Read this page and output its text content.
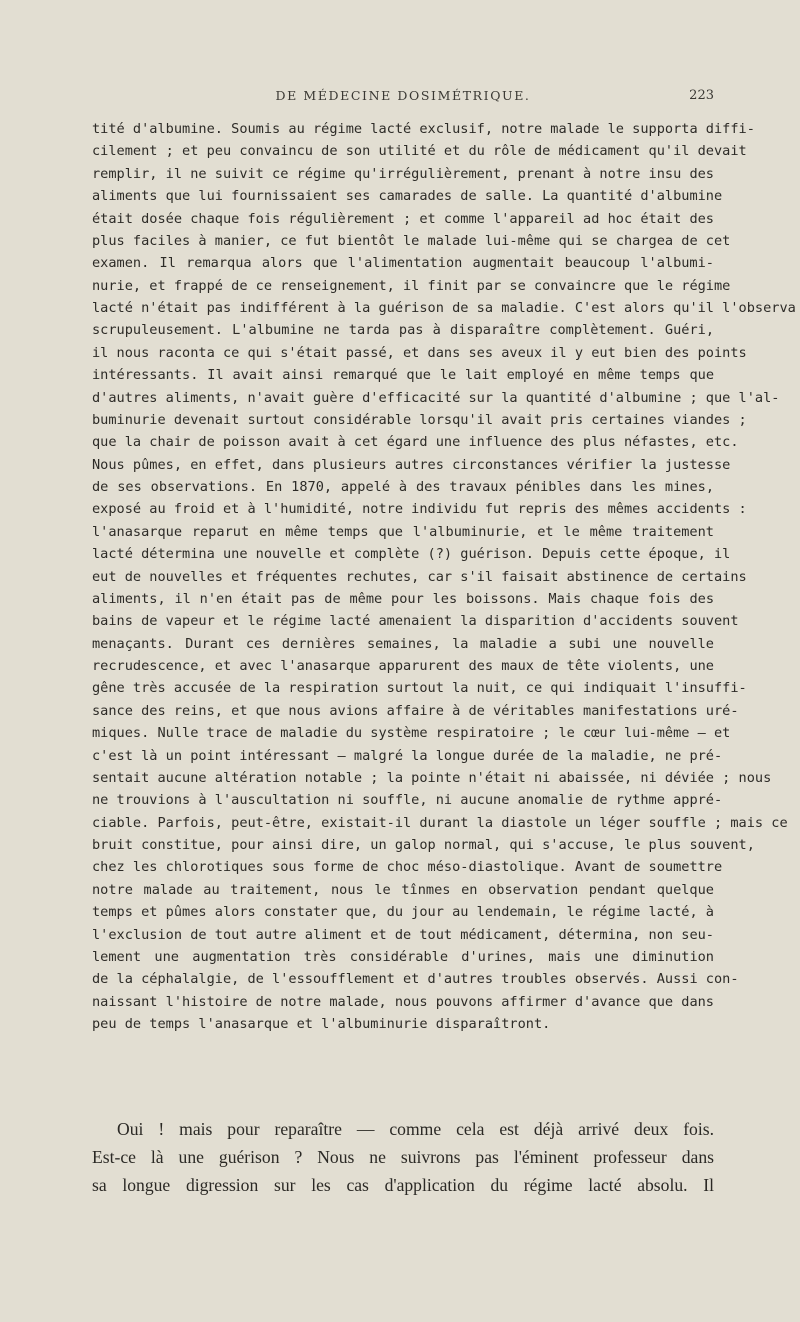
DE MÉDECINE DOSIMÉTRIQUE.	223
tité d'albumine. Soumis au régime lacté exclusif, notre malade le supporta diffi-
cilement ; et peu convaincu de son utilité et du rôle de médicament qu'il devait
remplir, il ne suivit ce régime qu'irrégulièrement, prenant à notre insu des
aliments que lui fournissaient ses camarades de salle. La quantité d'albumine
était dosée chaque fois régulièrement ; et comme l'appareil ad hoc était des
plus faciles à manier, ce fut bientôt le malade lui-même qui se chargea de cet
examen. Il remarqua alors que l'alimentation augmentait beaucoup l'albumi-
nurie, et frappé de ce renseignement, il finit par se convaincre que le régime
lacté n'était pas indifférent à la guérison de sa maladie. C'est alors qu'il l'observa
scrupuleusement. L'albumine ne tarda pas à disparaître complètement. Guéri,
il nous raconta ce qui s'était passé, et dans ses aveux il y eut bien des points
intéressants. Il avait ainsi remarqué que le lait employé en même temps que
d'autres aliments, n'avait guère d'efficacité sur la quantité d'albumine ; que l'al-
buminurie devenait surtout considérable lorsqu'il avait pris certaines viandes ;
que la chair de poisson avait à cet égard une influence des plus néfastes, etc.
Nous pûmes, en effet, dans plusieurs autres circonstances vérifier la justesse
de ses observations. En 1870, appelé à des travaux pénibles dans les mines,
exposé au froid et à l'humidité, notre individu fut repris des mêmes accidents :
l'anasarque reparut en même temps que l'albuminurie, et le même traitement
lacté détermina une nouvelle et complète (?) guérison. Depuis cette époque, il
eut de nouvelles et fréquentes rechutes, car s'il faisait abstinence de certains
aliments, il n'en était pas de même pour les boissons. Mais chaque fois des
bains de vapeur et le régime lacté amenaient la disparition d'accidents souvent
menaçants. Durant ces dernières semaines, la maladie a subi une nouvelle
recrudescence, et avec l'anasarque apparurent des maux de tête violents, une
gêne très accusée de la respiration surtout la nuit, ce qui indiquait l'insuffi-
sance des reins, et que nous avions affaire à de véritables manifestations uré-
miques. Nulle trace de maladie du système respiratoire ; le cœur lui-même — et
c'est là un point intéressant — malgré la longue durée de la maladie, ne pré-
sentait aucune altération notable ; la pointe n'était ni abaissée, ni déviée ; nous
ne trouvions à l'auscultation ni souffle, ni aucune anomalie de rythme appré-
ciable. Parfois, peut-être, existait-il durant la diastole un léger souffle ; mais ce
bruit constitue, pour ainsi dire, un galop normal, qui s'accuse, le plus souvent,
chez les chlorotiques sous forme de choc méso-diastolique. Avant de soumettre
notre malade au traitement, nous le tînmes en observation pendant quelque
temps et pûmes alors constater que, du jour au lendemain, le régime lacté, à
l'exclusion de tout autre aliment et de tout médicament, détermina, non seu-
lement une augmentation très considérable d'urines, mais une diminution
de la céphalalgie, de l'essoufflement et d'autres troubles observés. Aussi con-
naissant l'histoire de notre malade, nous pouvons affirmer d'avance que dans
peu de temps l'anasarque et l'albuminurie disparaîtront.
Oui ! mais pour reparaître — comme cela est déjà arrivé deux fois.
Est-ce là une guérison ? Nous ne suivrons pas l'éminent professeur dans
sa longue digression sur les cas d'application du régime lacté absolu. Il
